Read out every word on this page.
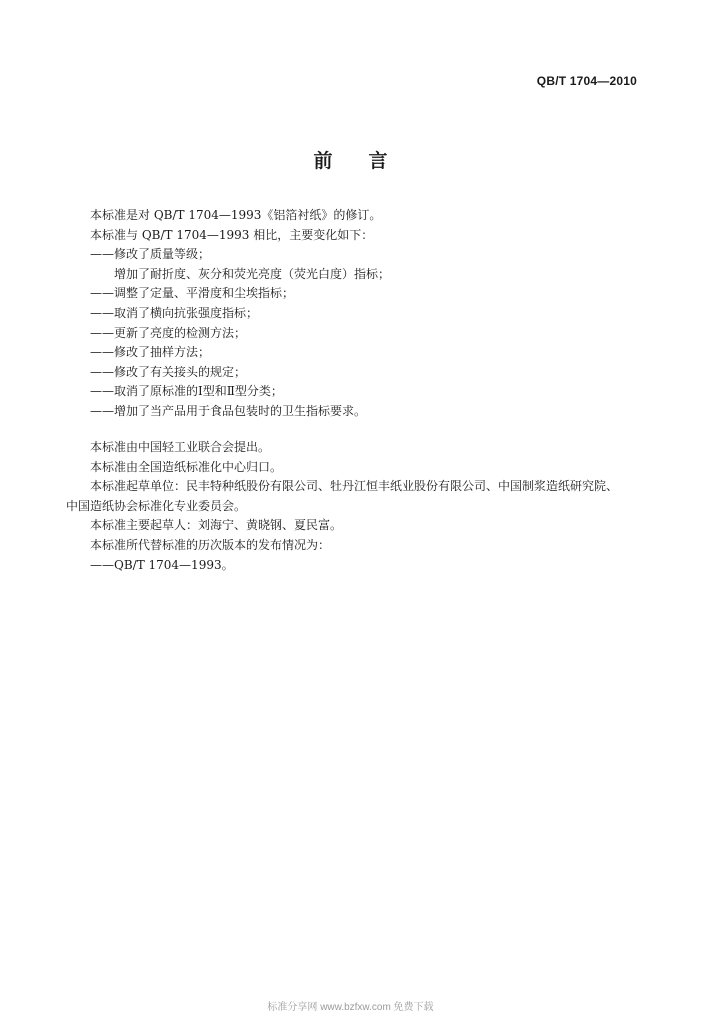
QB/T 1704—2010
前言
本标准是对 QB/T 1704—1993《铝箔衬纸》的修订。
本标准与 QB/T 1704—1993 相比，主要变化如下：
——修改了质量等级；
增加了耐折度、灰分和荧光亮度（荧光白度）指标；
——调整了定量、平滑度和尘埃指标；
——取消了横向抗张强度指标；
——更新了亮度的检测方法；
——修改了抽样方法；
——修改了有关接头的规定；
——取消了原标准的Ⅰ型和Ⅱ型分类；
——增加了当产品用于食品包装时的卫生指标要求。
本标准由中国轻工业联合会提出。
本标准由全国造纸标准化中心归口。
本标准起草单位：民丰特种纸股份有限公司、牡丹江恒丰纸业股份有限公司、中国制浆造纸研究院、
中国造纸协会标准化专业委员会。
本标准主要起草人：刘海宁、黄晓钢、夏民富。
本标准所代替标准的历次版本的发布情况为：
——QB/T 1704—1993。
标准分享网 www.bzfxw.com 免费下载
